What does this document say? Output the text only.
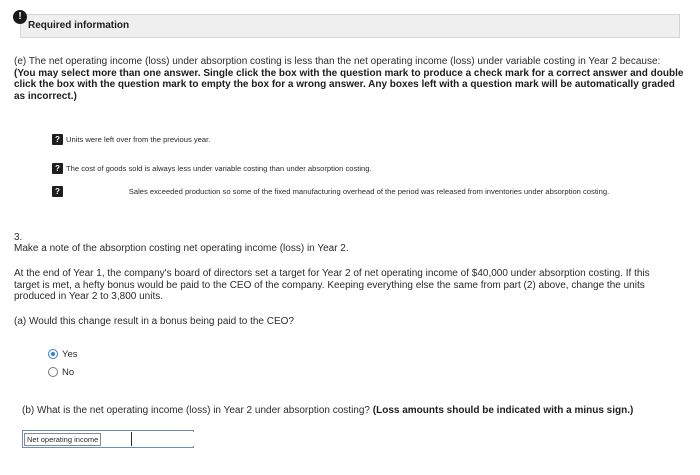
!
Required information
(e) The net operating income (loss) under absorption costing is less than the net operating income (loss) under variable costing in Year 2 because: (You may select more than one answer. Single click the box with the question mark to produce a check mark for a correct answer and double click the box with the question mark to empty the box for a wrong answer. Any boxes left with a question mark will be automatically graded as incorrect.)
? Units were left over from the previous year.
? The cost of goods sold is always less under variable costing than under absorption costing.
?	Sales exceeded production so some of the fixed manufacturing overhead of the period was released from inventories under absorption costing.
3.
Make a note of the absorption costing net operating income (loss) in Year 2.
At the end of Year 1, the company's board of directors set a target for Year 2 of net operating income of $40,000 under absorption costing. If this target is met, a hefty bonus would be paid to the CEO of the company. Keeping everything else the same from part (2) above, change the units produced in Year 2 to 3,800 units.
(a) Would this change result in a bonus being paid to the CEO?
Yes
No
(b) What is the net operating income (loss) in Year 2 under absorption costing? (Loss amounts should be indicated with a minus sign.)
Net operating income
